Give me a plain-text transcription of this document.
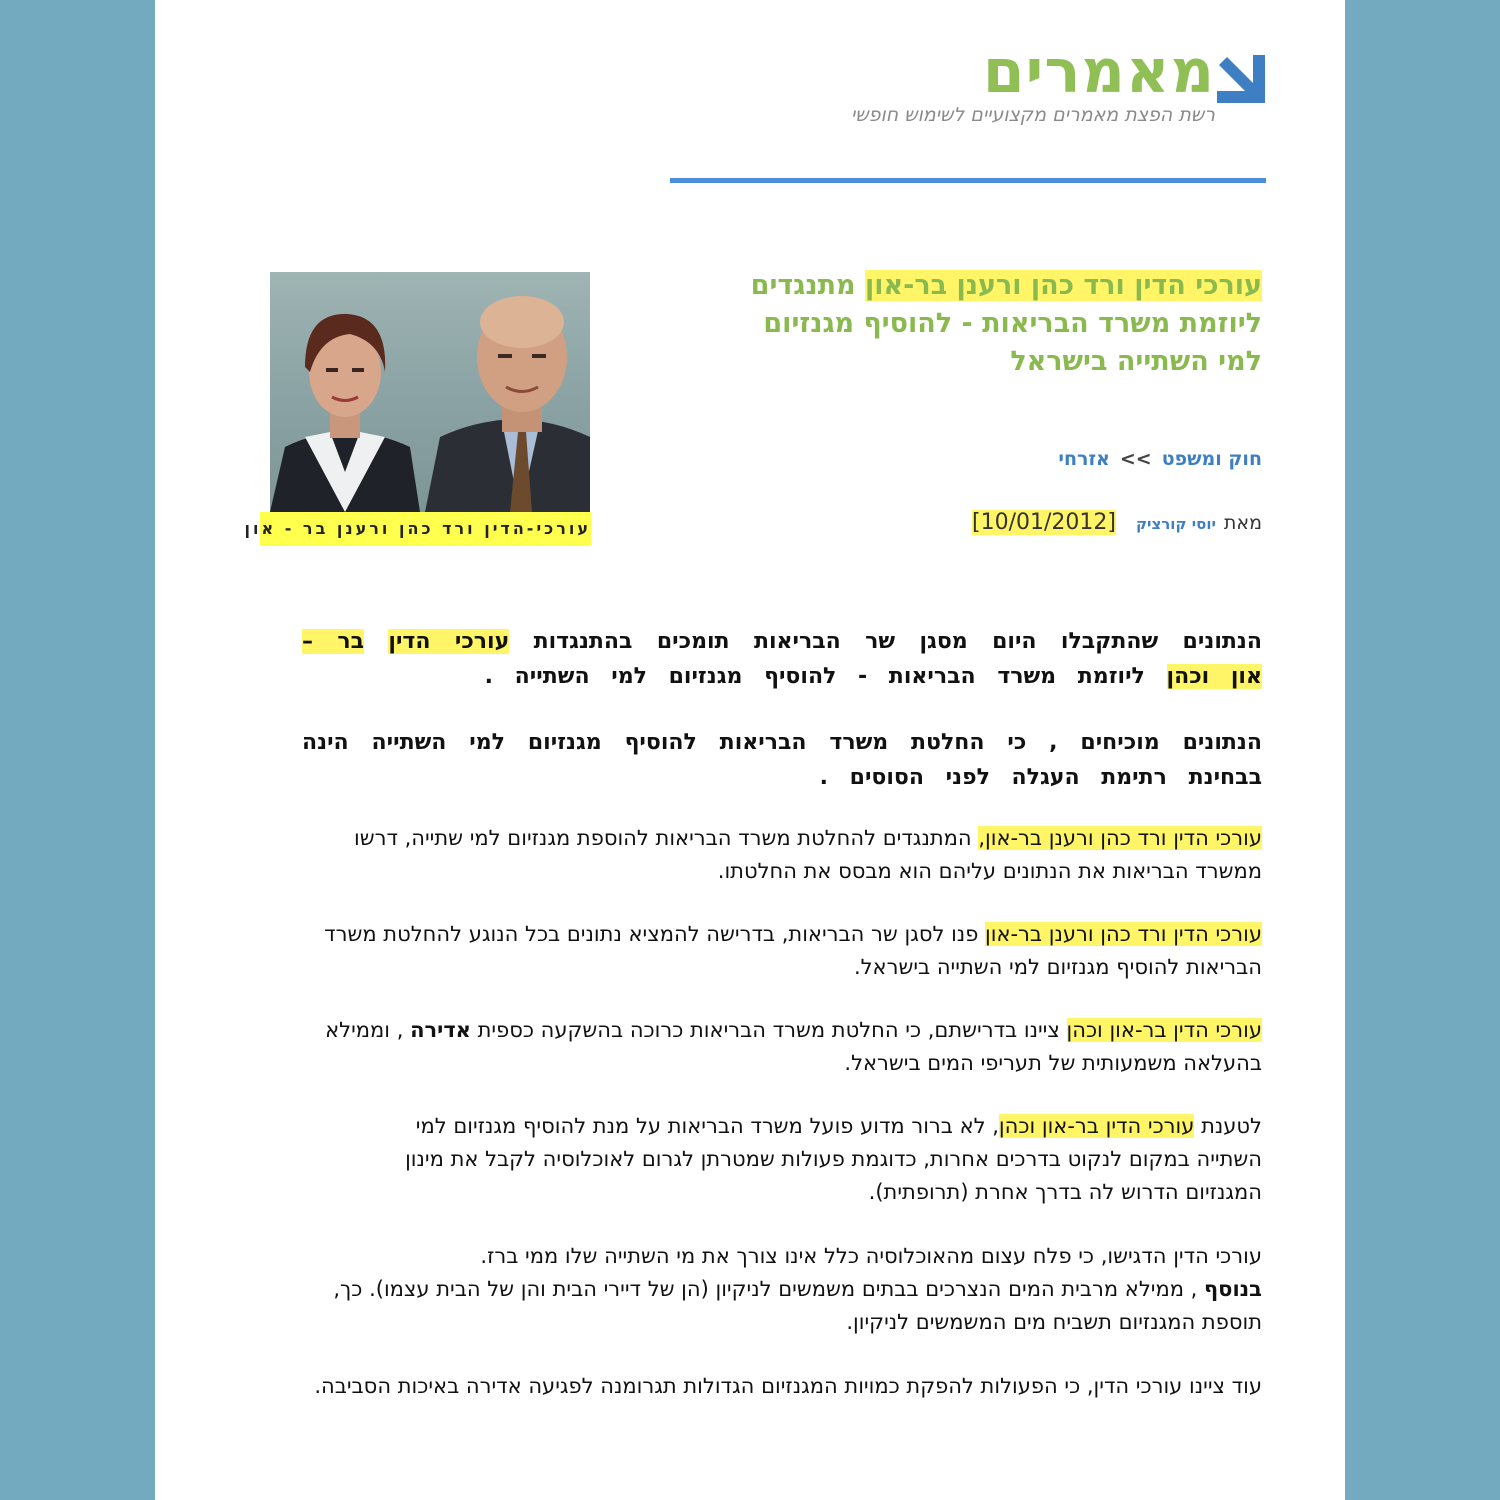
מאמרים
רשת הפצת מאמרים מקצועיים לשימוש חופשי
עורכי הדין ורד כהן ורענן בר-און מתנגדים
ליוזמת משרד הבריאות - להוסיף מגנזיום
למי השתייה בישראל
עורכי-הדין ורד כהן ורענן בר - און
חוק ומשפט>>אזרחי
מאתיוסי קורציק[10/01/2012]
הנתונים שהתקבלו היום מסגן שר הבריאות תומכים בהתנגדות עורכי הדין בר – און וכהן ליוזמת משרד הבריאות - להוסיף מגנזיום למי השתייה .
הנתונים מוכיחים , כי החלטת משרד הבריאות להוסיף מגנזיום למי השתייה הינה בבחינת רתימת העגלה לפני הסוסים .
עורכי הדין ורד כהן ורענן בר-און, המתנגדים להחלטת משרד הבריאות להוספת מגנזיום למי שתייה, דרשו ממשרד הבריאות את הנתונים עליהם הוא מבסס את החלטתו.
עורכי הדין ורד כהן ורענן בר-און פנו לסגן שר הבריאות, בדרישה להמציא נתונים בכל הנוגע להחלטת משרד הבריאות להוסיף מגנזיום למי השתייה בישראל.
עורכי הדין בר-און וכהן ציינו בדרישתם, כי החלטת משרד הבריאות כרוכה בהשקעה כספית אדירה , וממילא בהעלאה משמעותית של תעריפי המים בישראל.
לטענת עורכי הדין בר-און וכהן, לא ברור מדוע פועל משרד הבריאות על מנת להוסיף מגנזיום למי השתייה במקום לנקוט בדרכים אחרות, כדוגמת פעולות שמטרתן לגרום לאוכלוסיה לקבל את מינון המגנזיום הדרוש לה בדרך אחרת (תרופתית).
עורכי הדין הדגישו, כי פלח עצום מהאוכלוסיה כלל אינו צורך את מי השתייה שלו ממי ברז.
בנוסף , ממילא מרבית המים הנצרכים בבתים משמשים לניקיון (הן של דיירי הבית והן של הבית עצמו). כך, תוספת המגנזיום תשביח מים המשמשים לניקיון.
עוד ציינו עורכי הדין, כי הפעולות להפקת כמויות המגנזיום הגדולות תגרומנה לפגיעה אדירה באיכות הסביבה.
